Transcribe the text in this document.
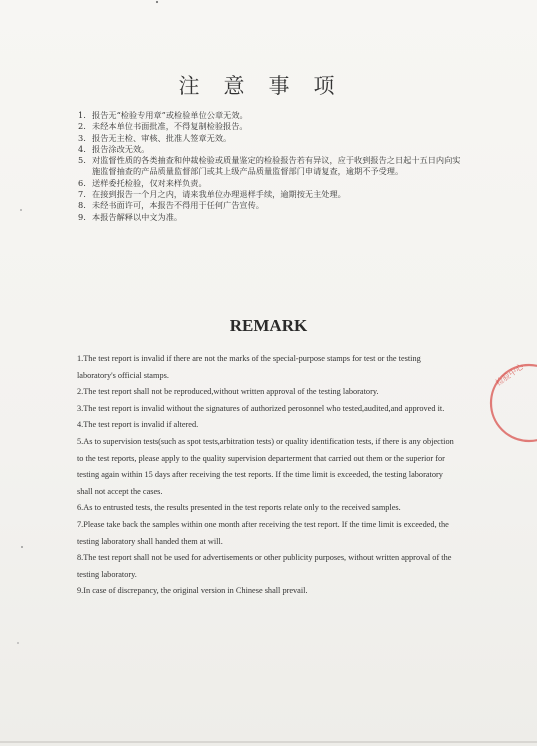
注意事项
1. 报告无“检验专用章”或检验单位公章无效。
2. 未经本单位书面批准，不得复制检验报告。
3. 报告无主检、审核、批准人签章无效。
4. 报告涂改无效。
5. 对监督性质的各类抽查和仲裁检验或质量鉴定的检验报告若有异议，应于收到报告之日起十五日内向实施监督抽查的产品质量监督部门或其上级产品质量监督部门申请复查，逾期不予受理。
6. 送样委托检验，仅对来样负责。
7. 在接到报告一个月之内，请来我单位办理退样手续，逾期按无主处理。
8. 未经书面许可，本报告不得用于任何广告宣传。
9. 本报告解释以中文为准。
REMARK
1.The test report is invalid if there are not the marks of the special-purpose stamps for test or the testing laboratory's official stamps.
2.The test report shall not be reproduced,without written approval of the testing laboratory.
3.The test report is invalid without the signatures of authorized perosonnel who tested,audited,and approved it.
4.The test report is invalid if altered.
5.As to supervision tests(such as spot tests,arbitration tests) or quality identification tests, if there is any objection to the test reports, please apply to the quality supervision departerment that carried out them or the superior for testing again within 15 days after receiving the test reports. If the time limit is exceeded, the testing laboratory shall not accept the cases.
6.As to entrusted tests, the results presented in the test reports relate only to the received samples.
7.Please take back the samples within one month after receiving the test report. If the time limit is exceeded, the testing laboratory shall handed them at will.
8.The test report shall not be used for advertisements or other publicity purposes, without written approval of the testing laboratory.
9.In case of discrepancy, the original version in Chinese shall prevail.
检验中心
